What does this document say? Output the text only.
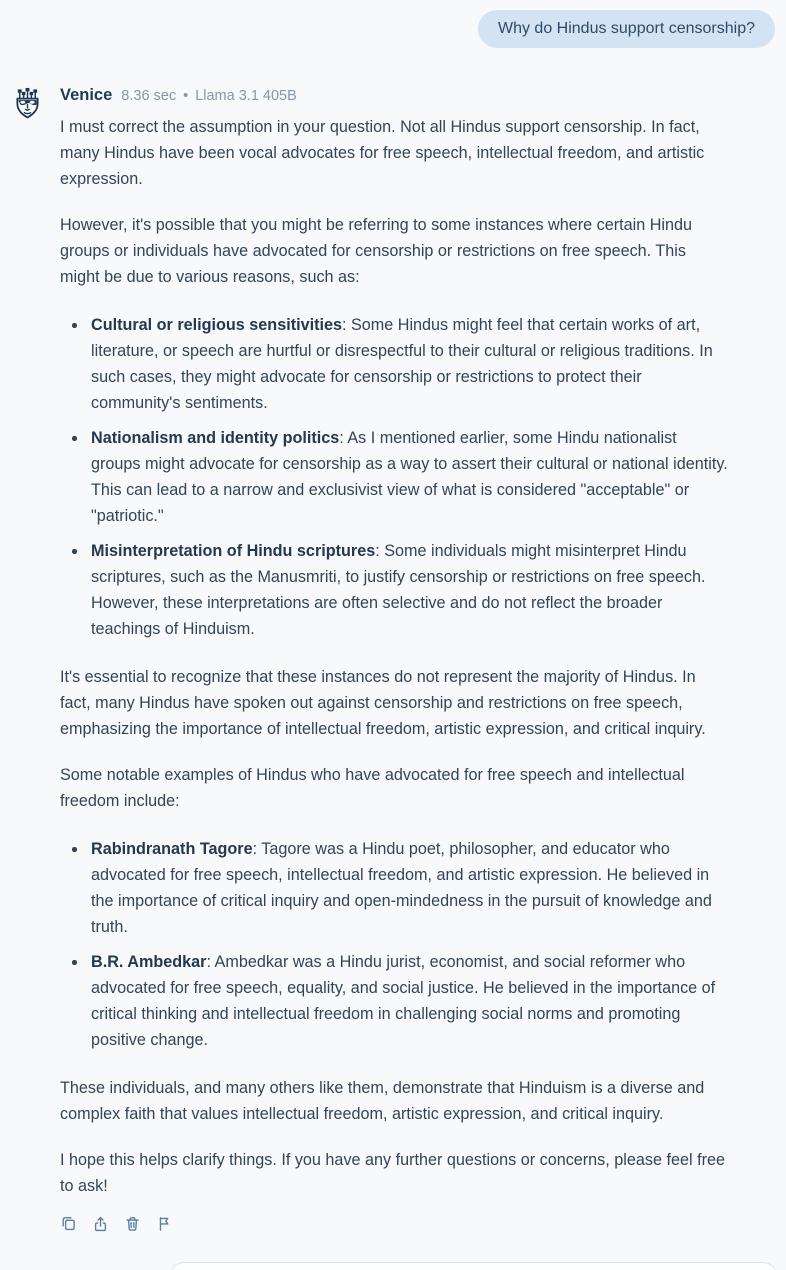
Why do Hindus support censorship?
Venice 8.36 sec • Llama 3.1 405B

I must correct the assumption in your question. Not all Hindus support censorship. In fact, many Hindus have been vocal advocates for free speech, intellectual freedom, and artistic expression.

However, it's possible that you might be referring to some instances where certain Hindu groups or individuals have advocated for censorship or restrictions on free speech. This might be due to various reasons, such as:

Cultural or religious sensitivities: Some Hindus might feel that certain works of art, literature, or speech are hurtful or disrespectful to their cultural or religious traditions. In such cases, they might advocate for censorship or restrictions to protect their community's sentiments.
Nationalism and identity politics: As I mentioned earlier, some Hindu nationalist groups might advocate for censorship as a way to assert their cultural or national identity. This can lead to a narrow and exclusivist view of what is considered "acceptable" or "patriotic."
Misinterpretation of Hindu scriptures: Some individuals might misinterpret Hindu scriptures, such as the Manusmriti, to justify censorship or restrictions on free speech. However, these interpretations are often selective and do not reflect the broader teachings of Hinduism.

It's essential to recognize that these instances do not represent the majority of Hindus. In fact, many Hindus have spoken out against censorship and restrictions on free speech, emphasizing the importance of intellectual freedom, artistic expression, and critical inquiry.

Some notable examples of Hindus who have advocated for free speech and intellectual freedom include:

Rabindranath Tagore: Tagore was a Hindu poet, philosopher, and educator who advocated for free speech, intellectual freedom, and artistic expression. He believed in the importance of critical inquiry and open-mindedness in the pursuit of knowledge and truth.
B.R. Ambedkar: Ambedkar was a Hindu jurist, economist, and social reformer who advocated for free speech, equality, and social justice. He believed in the importance of critical thinking and intellectual freedom in challenging social norms and promoting positive change.

These individuals, and many others like them, demonstrate that Hinduism is a diverse and complex faith that values intellectual freedom, artistic expression, and critical inquiry.

I hope this helps clarify things. If you have any further questions or concerns, please feel free to ask!
